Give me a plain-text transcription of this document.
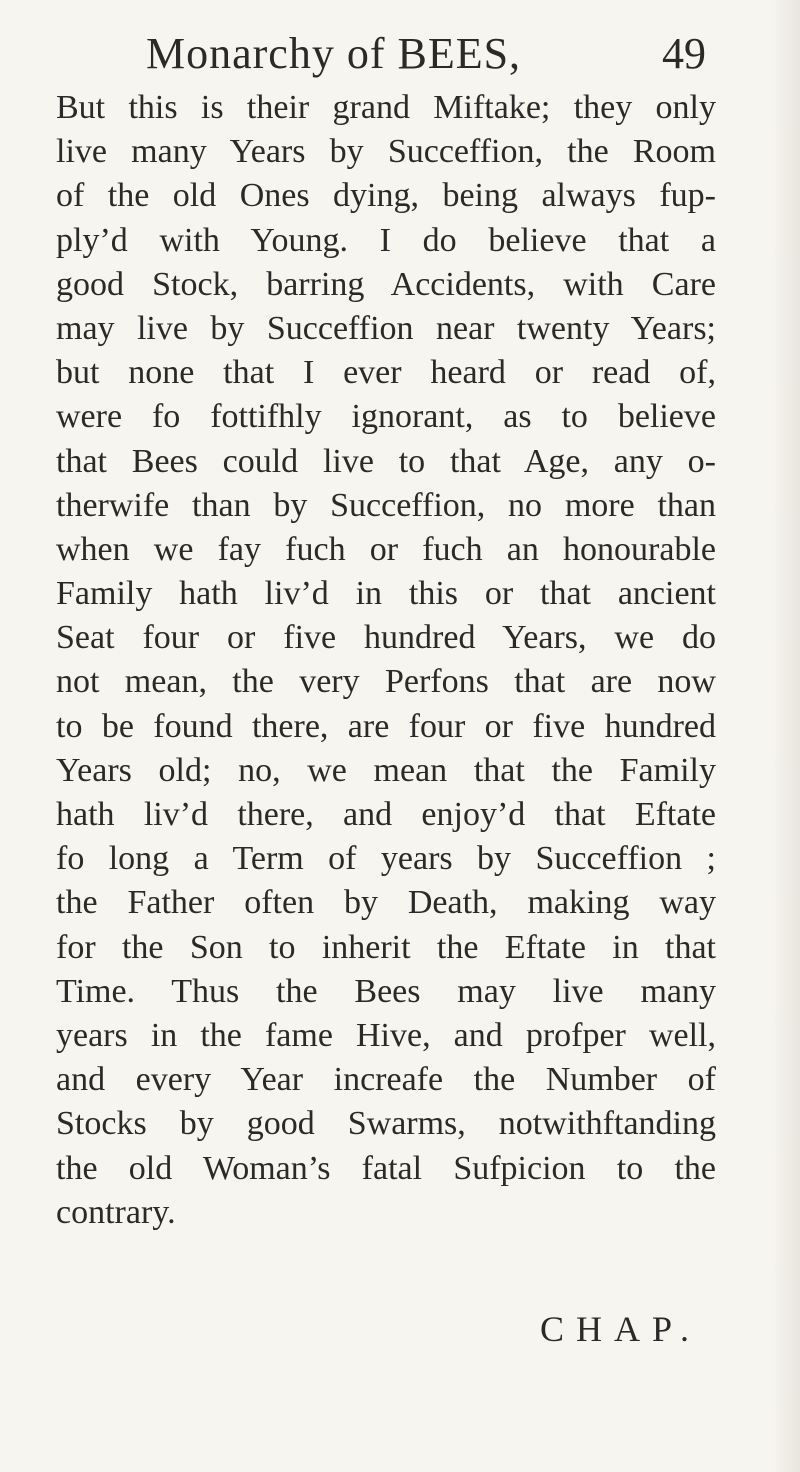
Monarchy of BEES,	49
But this is their grand Miftake; they only
live many Years by Succeffion, the Room
of the old Ones dying, being always fup-
ply’d with Young. I do believe that a
good Stock, barring Accidents, with Care
may live by Succeffion near twenty Years;
but none that I ever heard or read of,
were fo fottifhly ignorant, as to believe
that Bees could live to that Age, any o-
therwife than by Succeffion, no more than
when we fay fuch or fuch an honourable
Family hath liv’d in this or that ancient
Seat four or five hundred Years, we do
not mean, the very Perfons that are now
to be found there, are four or five hundred
Years old; no, we mean that the Family
hath liv’d there, and enjoy’d that Eftate
fo long a Term of years by Succeffion ;
the Father often by Death, making way
for the Son to inherit the Eftate in that
Time. Thus the Bees may live many
years in the fame Hive, and profper well,
and every Year increafe the Number of
Stocks by good Swarms, notwithftanding
the old Woman’s fatal Sufpicion to the
contrary.
CHAP.
